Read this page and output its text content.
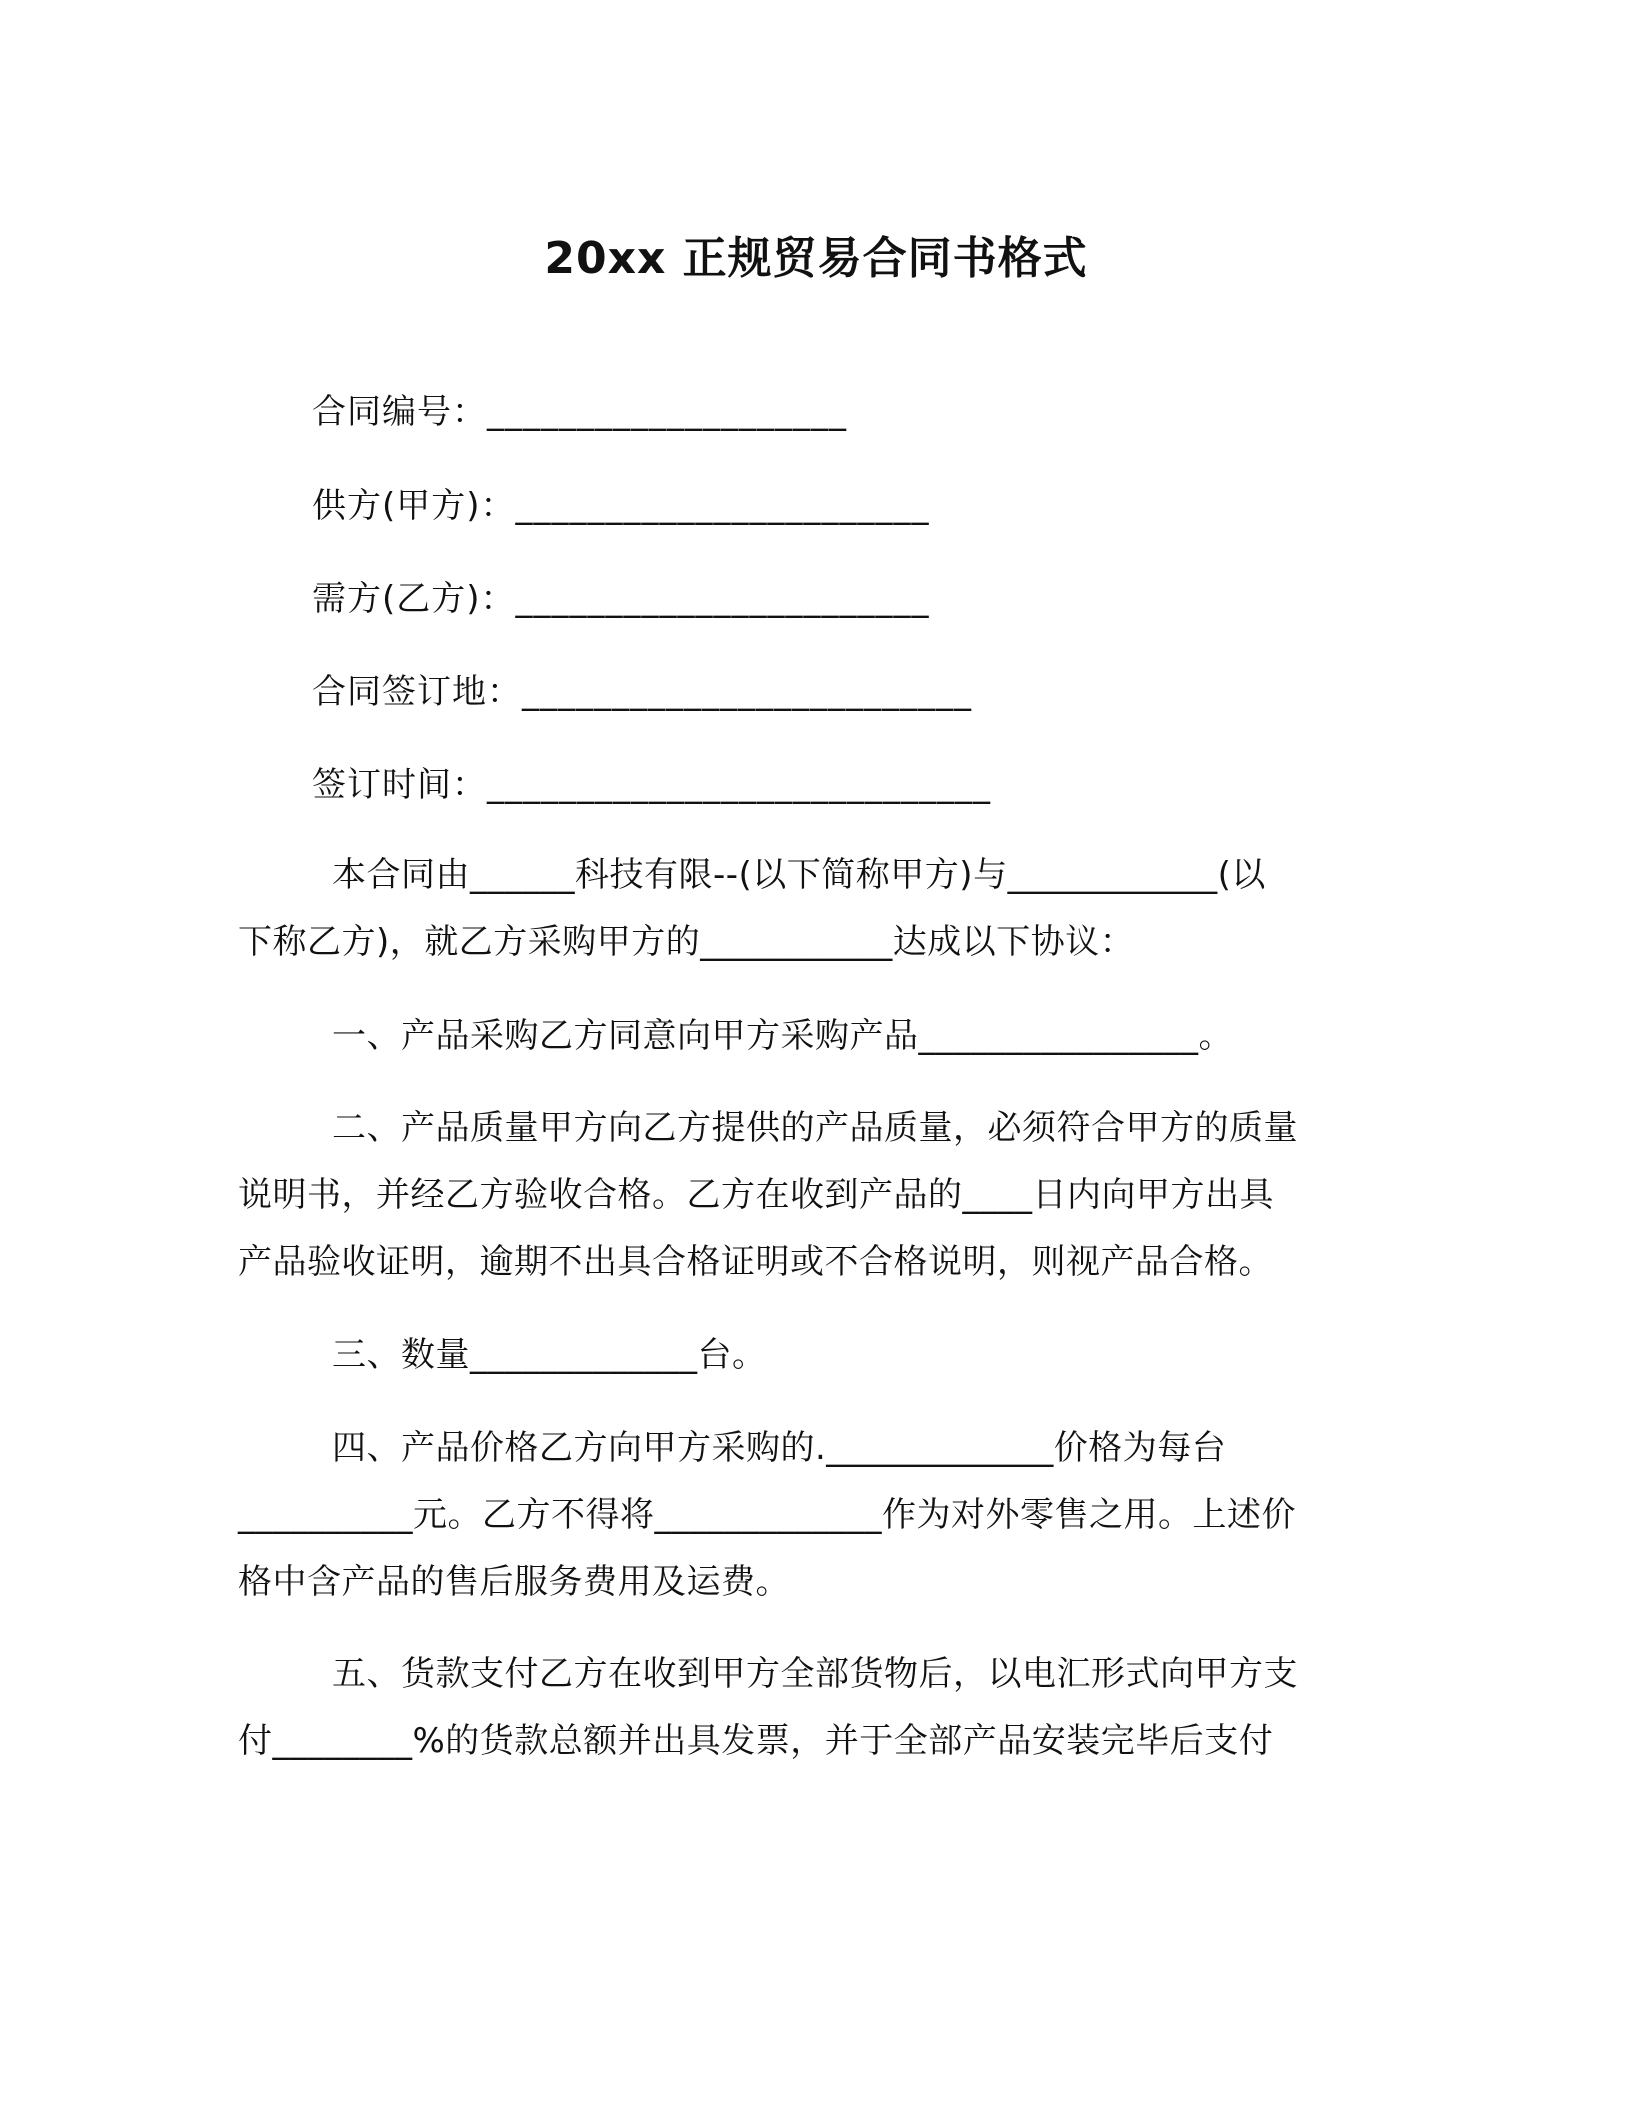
20xx 正规贸易合同书格式
合同编号：____________________
供方(甲方)：_______________________
需方(乙方)：_______________________
合同签订地：_________________________
签订时间：____________________________
本合同由______科技有限--(以下简称甲方)与____________(以
下称乙方)，就乙方采购甲方的___________达成以下协议：
一、产品采购乙方同意向甲方采购产品________________。
二、产品质量甲方向乙方提供的产品质量，必须符合甲方的质量
说明书，并经乙方验收合格。乙方在收到产品的____日内向甲方出具
产品验收证明，逾期不出具合格证明或不合格说明，则视产品合格。
三、数量_____________台。
四、产品价格乙方向甲方采购的._____________价格为每台
__________元。乙方不得将_____________作为对外零售之用。上述价
格中含产品的售后服务费用及运费。
五、货款支付乙方在收到甲方全部货物后，以电汇形式向甲方支
付________%的货款总额并出具发票，并于全部产品安装完毕后支付
